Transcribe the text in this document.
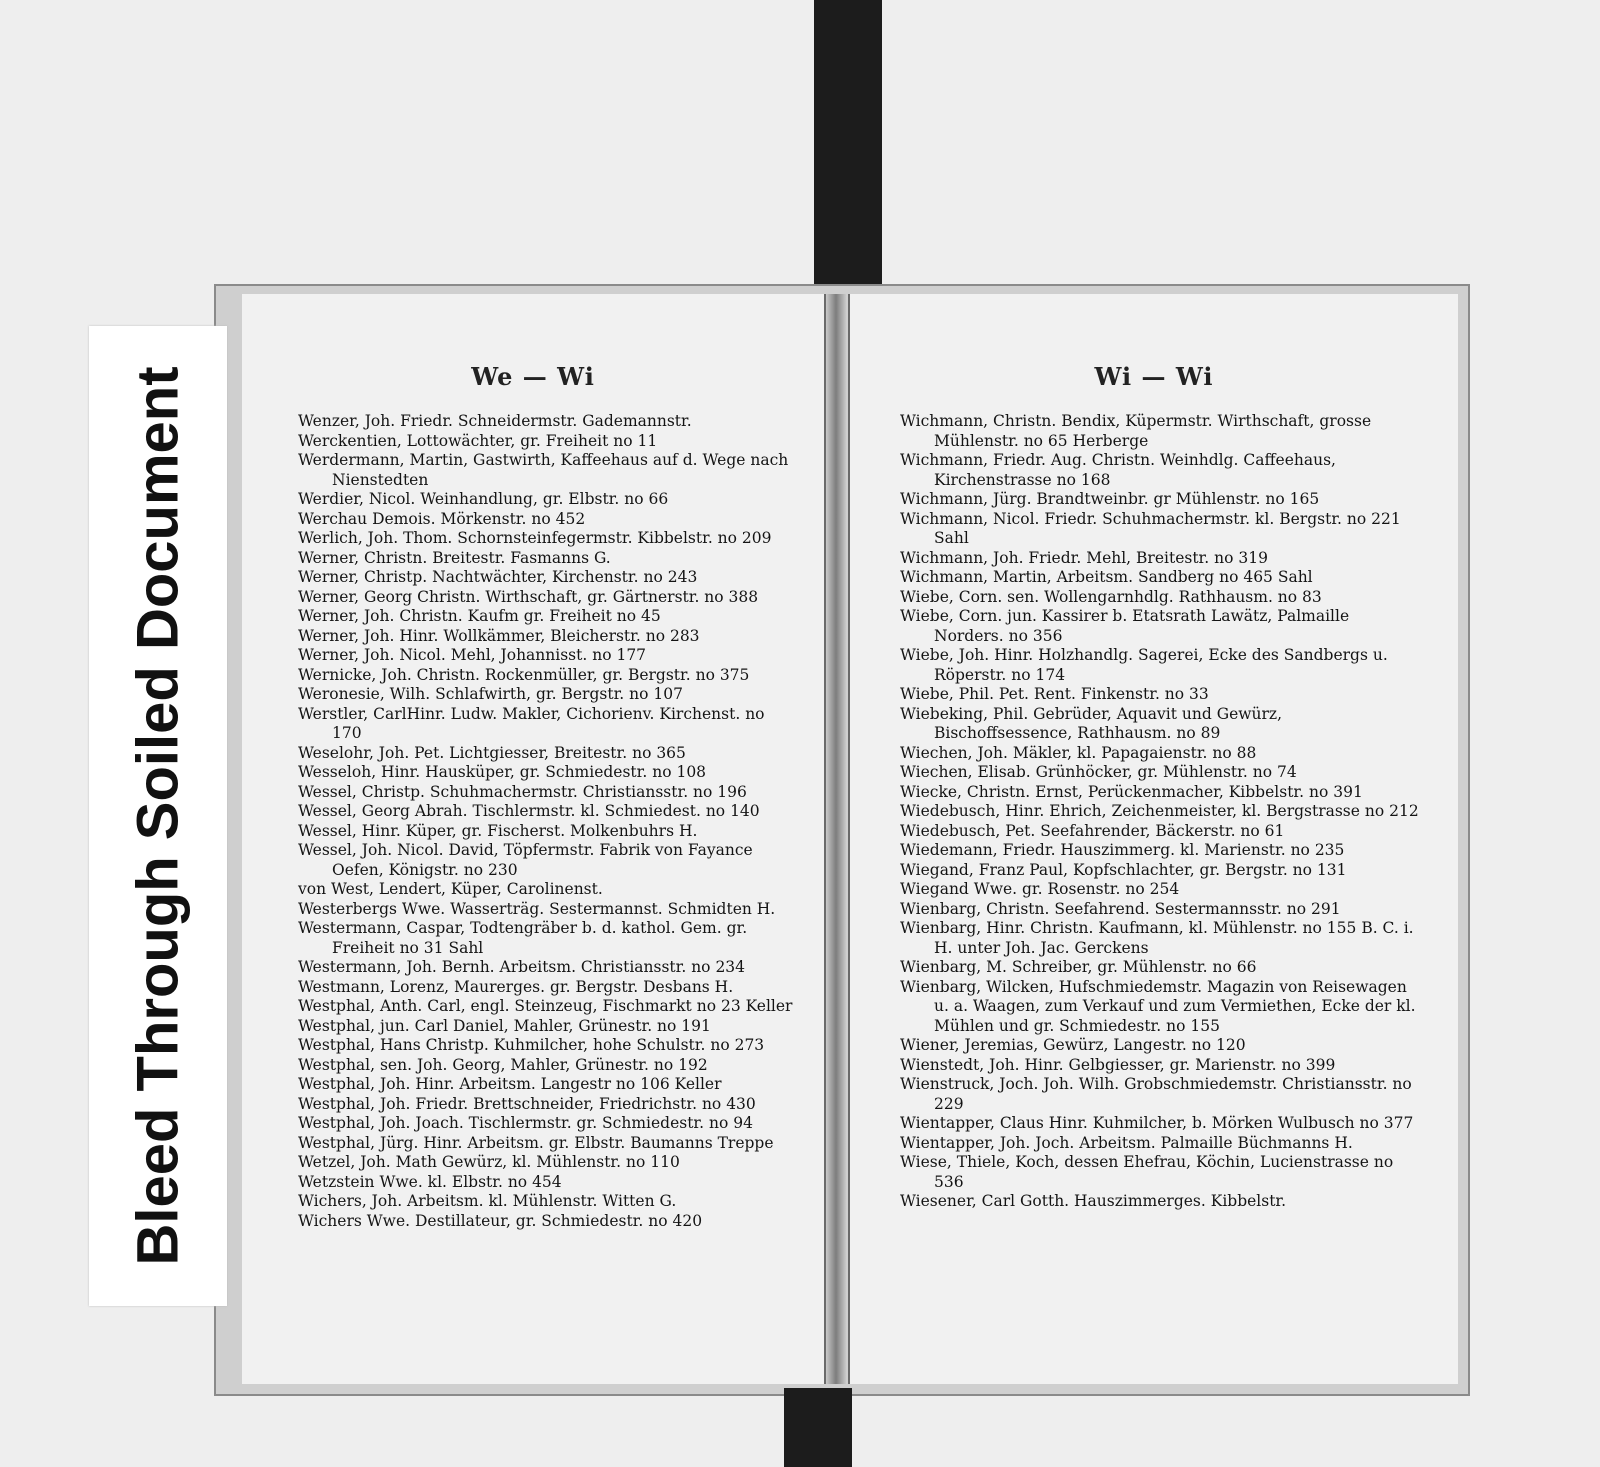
We — Wi
Wenzer, Joh. Friedr. Schneidermstr. Gademannstr.
Werckentien, Lottowächter, gr. Freiheit no 11
Werdermann, Martin, Gastwirth, Kaffeehaus auf d. Wege nach Nienstedten
Werdier, Nicol. Weinhandlung, gr. Elbstr. no 66
Werchau Demois. Mörkenstr. no 452
Werlich, Joh. Thom. Schornsteinfegermstr. Kibbelstr. no 209
Werner, Christn. Breitestr. Fasmanns G.
Werner, Christp. Nachtwächter, Kirchenstr. no 243
Werner, Georg Christn. Wirthschaft, gr. Gärtnerstr. no 388
Werner, Joh. Christn. Kaufm gr. Freiheit no 45
Werner, Joh. Hinr. Wollkämmer, Bleicherstr. no 283
Werner, Joh. Nicol. Mehl, Johannisst. no 177
Wernicke, Joh. Christn. Rockenmüller, gr. Bergstr. no 375
Weronesie, Wilh. Schlafwirth, gr. Bergstr. no 107
Werstler, CarlHinr. Ludw. Makler, Cichorienv. Kirchenst. no 170
Weselohr, Joh. Pet. Lichtgiesser, Breitestr. no 365
Wesseloh, Hinr. Hausküper, gr. Schmiedestr. no 108
Wessel, Christp. Schuhmachermstr. Christiansstr. no 196
Wessel, Georg Abrah. Tischlermstr. kl. Schmiedest. no 140
Wessel, Hinr. Küper, gr. Fischerst. Molkenbuhrs H.
Wessel, Joh. Nicol. David, Töpfermstr. Fabrik von Fayance Oefen, Königstr. no 230
von West, Lendert, Küper, Carolinenst.
Westerbergs Wwe. Wasserträg. Sestermannst. Schmidten H.
Westermann, Caspar, Todtengräber b. d. kathol. Gem. gr. Freiheit no 31 Sahl
Westermann, Joh. Bernh. Arbeitsm. Christiansstr. no 234
Westmann, Lorenz, Maurerges. gr. Bergstr. Desbans H.
Westphal, Anth. Carl, engl. Steinzeug, Fischmarkt no 23 Keller
Westphal, jun. Carl Daniel, Mahler, Grünestr. no 191
Westphal, Hans Christp. Kuhmilcher, hohe Schulstr. no 273
Westphal, sen. Joh. Georg, Mahler, Grünestr. no 192
Westphal, Joh. Hinr. Arbeitsm. Langestr no 106 Keller
Westphal, Joh. Friedr. Brettschneider, Friedrichstr. no 430
Westphal, Joh. Joach. Tischlermstr. gr. Schmiedestr. no 94
Westphal, Jürg. Hinr. Arbeitsm. gr. Elbstr. Baumanns Treppe
Wetzel, Joh. Math Gewürz, kl. Mühlenstr. no 110
Wetzstein Wwe. kl. Elbstr. no 454
Wichers, Joh. Arbeitsm. kl. Mühlenstr. Witten G.
Wichers Wwe. Destillateur, gr. Schmiedestr. no 420
Wi — Wi
Wichmann, Christn. Bendix, Küpermstr. Wirthschaft, grosse Mühlenstr. no 65 Herberge
Wichmann, Friedr. Aug. Christn. Weinhdlg. Caffeehaus, Kirchenstrasse no 168
Wichmann, Jürg. Brandtweinbr. gr Mühlenstr. no 165
Wichmann, Nicol. Friedr. Schuhmachermstr. kl. Bergstr. no 221 Sahl
Wichmann, Joh. Friedr. Mehl, Breitestr. no 319
Wichmann, Martin, Arbeitsm. Sandberg no 465 Sahl
Wiebe, Corn. sen. Wollengarnhdlg. Rathhausm. no 83
Wiebe, Corn. jun. Kassirer b. Etatsrath Lawätz, Palmaille Norders. no 356
Wiebe, Joh. Hinr. Holzhandlg. Sagerei, Ecke des Sandbergs u. Röperstr. no 174
Wiebe, Phil. Pet. Rent. Finkenstr. no 33
Wiebeking, Phil. Gebrüder, Aquavit und Gewürz, Bischoffsessence, Rathhausm. no 89
Wiechen, Joh. Mäkler, kl. Papagaienstr. no 88
Wiechen, Elisab. Grünhöcker, gr. Mühlenstr. no 74
Wiecke, Christn. Ernst, Perückenmacher, Kibbelstr. no 391
Wiedebusch, Hinr. Ehrich, Zeichenmeister, kl. Bergstrasse no 212
Wiedebusch, Pet. Seefahrender, Bäckerstr. no 61
Wiedemann, Friedr. Hauszimmerg. kl. Marienstr. no 235
Wiegand, Franz Paul, Kopfschlachter, gr. Bergstr. no 131
Wiegand Wwe. gr. Rosenstr. no 254
Wienbarg, Christn. Seefahrend. Sestermannsstr. no 291
Wienbarg, Hinr. Christn. Kaufmann, kl. Mühlenstr. no 155 B. C. i. H. unter Joh. Jac. Gerckens
Wienbarg, M. Schreiber, gr. Mühlenstr. no 66
Wienbarg, Wilcken, Hufschmiedemstr. Magazin von Reisewagen u. a. Waagen, zum Verkauf und zum Vermiethen, Ecke der kl. Mühlen und gr. Schmiedestr. no 155
Wiener, Jeremias, Gewürz, Langestr. no 120
Wienstedt, Joh. Hinr. Gelbgiesser, gr. Marienstr. no 399
Wienstruck, Joch. Joh. Wilh. Grobschmiedemstr. Christiansstr. no 229
Wientapper, Claus Hinr. Kuhmilcher, b. Mörken Wulbusch no 377
Wientapper, Joh. Joch. Arbeitsm. Palmaille Büchmanns H.
Wiese, Thiele, Koch, dessen Ehefrau, Köchin, Lucienstrasse no 536
Wiesener, Carl Gotth. Hauszimmerges. Kibbelstr.
Bleed Through Soiled Document
